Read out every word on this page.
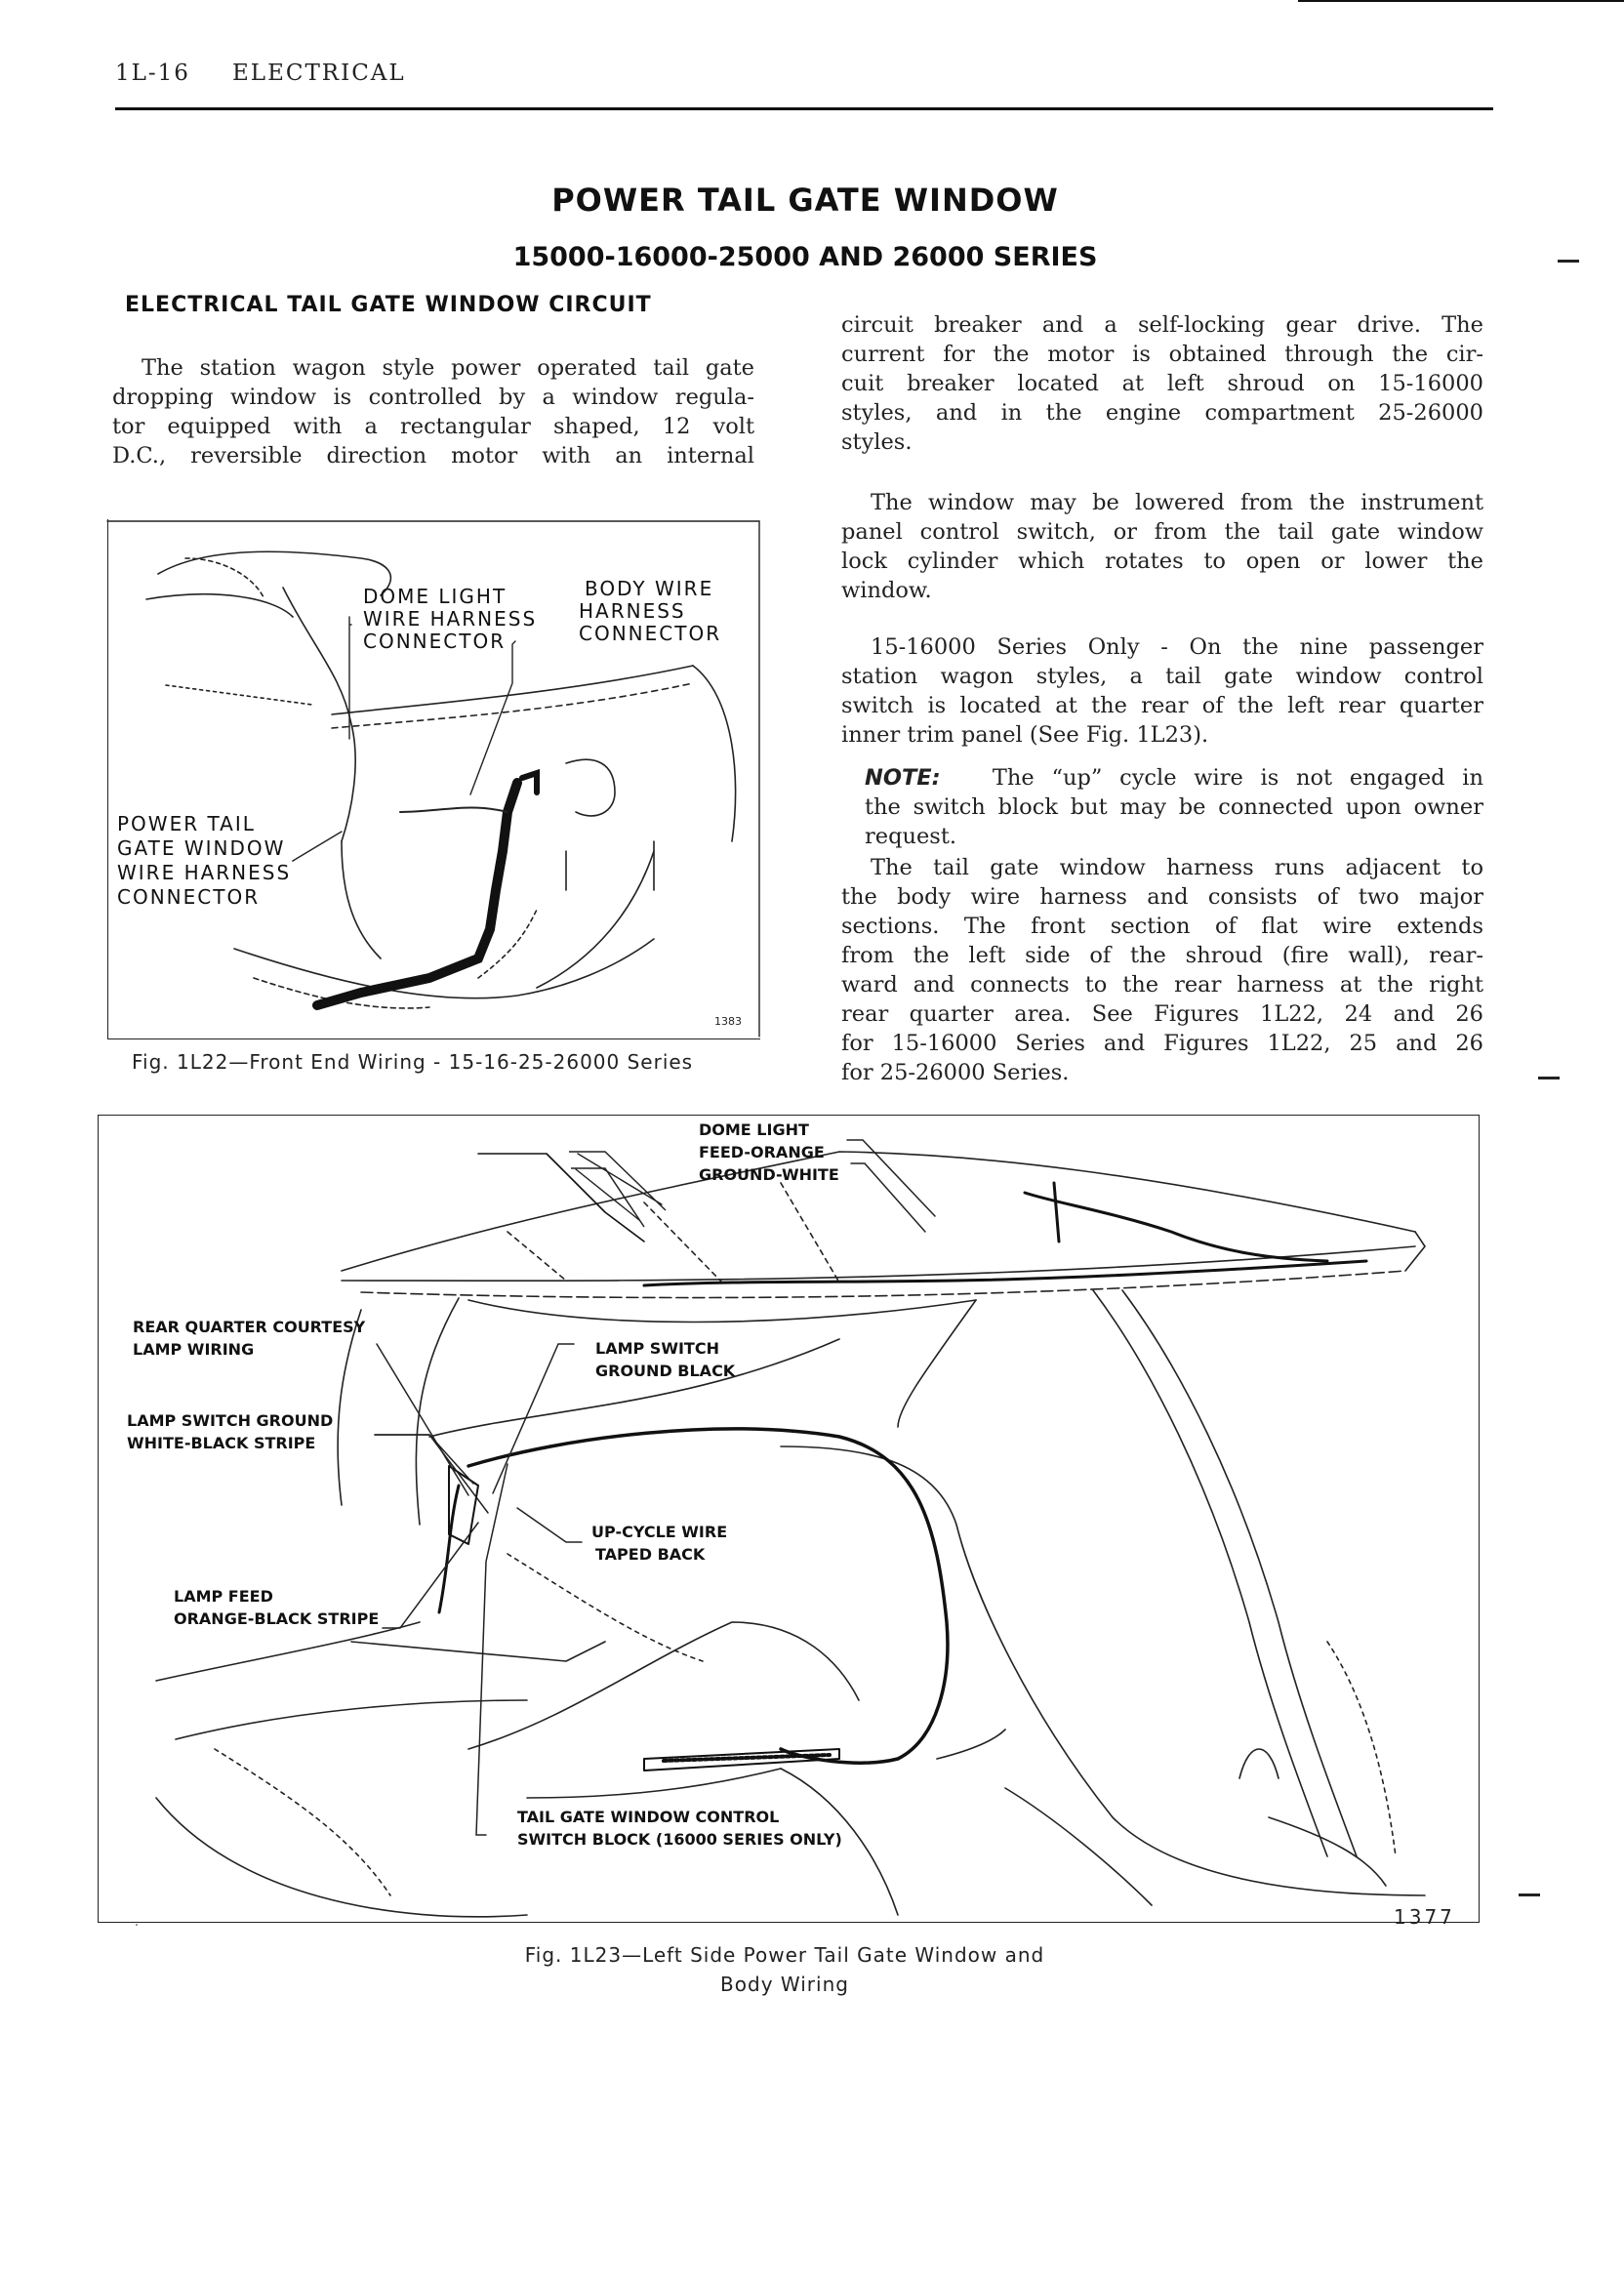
1L-16 ELECTRICAL
POWER TAIL GATE WINDOW
15000-16000-25000 AND 26000 SERIES
ELECTRICAL TAIL GATE WINDOW CIRCUIT
The station wagon style power operated tail gate
dropping window is controlled by a window regula-
tor equipped with a rectangular shaped, 12 volt
D.C., reversible direction motor with an internal
circuit breaker and a self-locking gear drive. The
current for the motor is obtained through the cir-
cuit breaker located at left shroud on 15-16000
styles, and in the engine compartment 25-26000
styles.
The window may be lowered from the instrument
panel control switch, or from the tail gate window
lock cylinder which rotates to open or lower the
window.
15-16000 Series Only - On the nine passenger
station wagon styles, a tail gate window control
switch is located at the rear of the left rear quarter
inner trim panel (See Fig. 1L23).
NOTE: The “up” cycle wire is not engaged in
the switch block but may be connected upon owner
request.
The tail gate window harness runs adjacent to
the body wire harness and consists of two major
sections. The front section of flat wire extends
from the left side of the shroud (fire wall), rear-
ward and connects to the rear harness at the right
rear quarter area. See Figures 1L22, 24 and 26
for 15-16000 Series and Figures 1L22, 25 and 26
for 25-26000 Series.
DOME LIGHT
WIRE HARNESS
CONNECTOR
BODY WIRE
HARNESS
CONNECTOR
POWER TAIL
GATE WINDOW
WIRE HARNESS
CONNECTOR
1383
Fig. 1L22—Front End Wiring - 15-16-25-26000 Series
DOME LIGHT
FEED-ORANGE
GROUND-WHITE
REAR QUARTER COURTESY
LAMP WIRING	LAMP SWITCH
GROUND BLACK
LAMP SWITCH GROUND
WHITE-BLACK STRIPE
UP-CYCLE WIRE
TAPED BACK
LAMP FEED
ORANGE-BLACK STRIPE
TAIL GATE WINDOW CONTROL
SWITCH BLOCK (16000 SERIES ONLY)
1377
Fig. 1L23—Left Side Power Tail Gate Window and
Body Wiring
